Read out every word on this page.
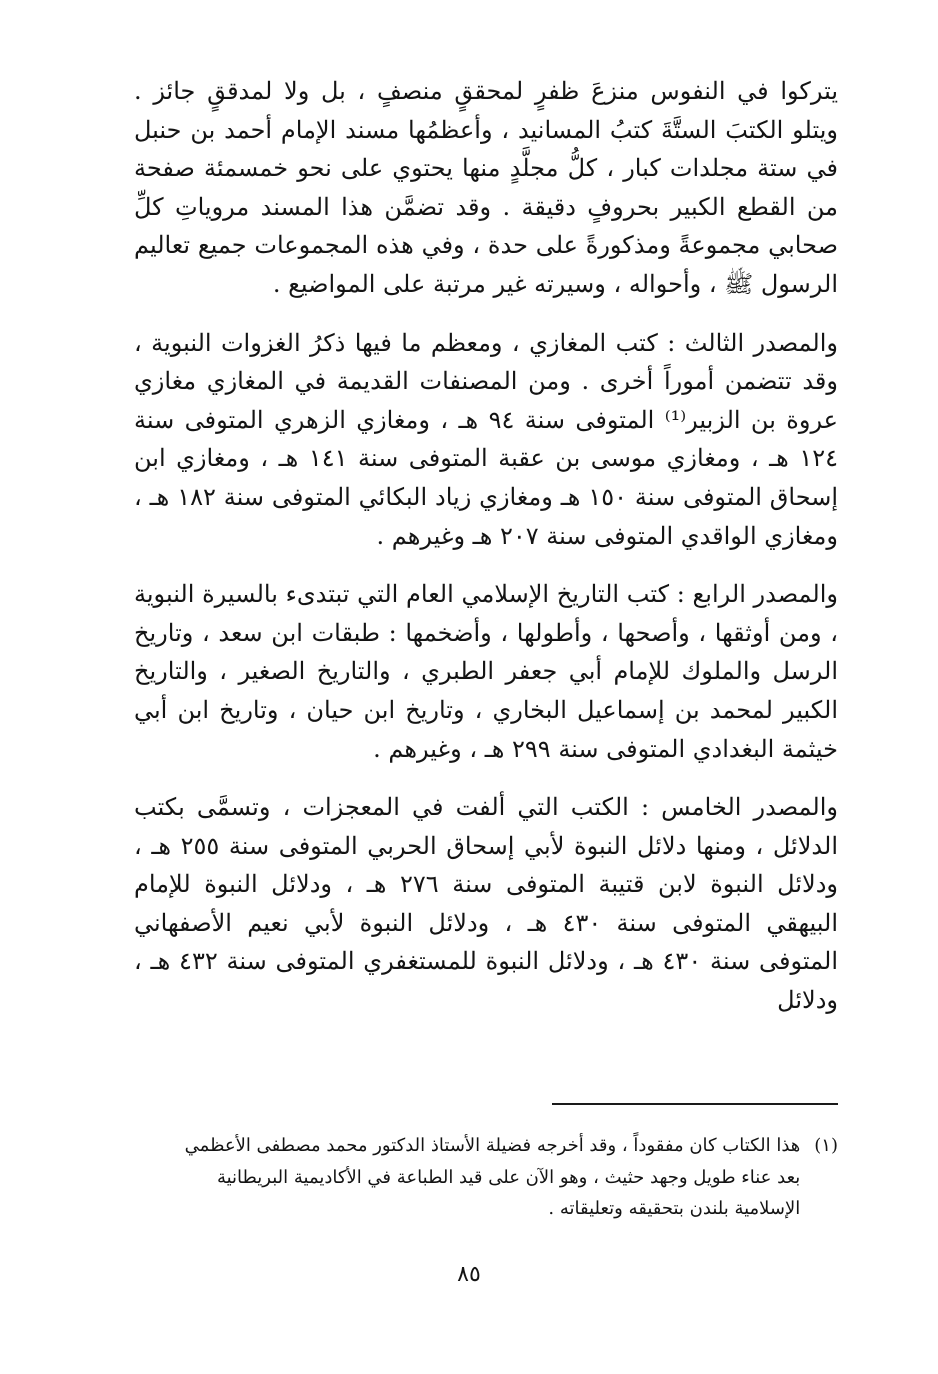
يتركوا في النفوس منزعَ ظفرٍ لمحققٍ منصفٍ ، بل ولا لمدققٍ جائز . ويتلو الكتبَ الستَّةَ كتبُ المسانيد ، وأعظمُها مسند الإمام أحمد بن حنبل في ستة مجلدات كبار ، كلُّ مجلَّدٍ منها يحتوي على نحو خمسمئة صفحة من القطع الكبير بحروفٍ دقيقة . وقد تضمَّن هذا المسند مروياتِ كلِّ صحابي مجموعةً ومذكورةً على حدة ، وفي هذه المجموعات جميع تعاليم الرسول ﷺ ، وأحواله ، وسيرته غير مرتبة على المواضيع .

والمصدر الثالث : كتب المغازي ، ومعظم ما فيها ذكرُ الغزوات النبوية ، وقد تتضمن أموراً أخرى . ومن المصنفات القديمة في المغازي مغازي عروة بن الزبير⁽¹⁾ المتوفى سنة ٩٤ هـ ، ومغازي الزهري المتوفى سنة ١٢٤ هـ ، ومغازي موسى بن عقبة المتوفى سنة ١٤١ هـ ، ومغازي ابن إسحاق المتوفى سنة ١٥٠ هـ ومغازي زياد البكائي المتوفى سنة ١٨٢ هـ ، ومغازي الواقدي المتوفى سنة ٢٠٧ هـ وغيرهم .

والمصدر الرابع : كتب التاريخ الإسلامي العام التي تبتدىء بالسيرة النبوية ، ومن أوثقها ، وأصحها ، وأطولها ، وأضخمها : طبقات ابن سعد ، وتاريخ الرسل والملوك للإمام أبي جعفر الطبري ، والتاريخ الصغير ، والتاريخ الكبير لمحمد بن إسماعيل البخاري ، وتاريخ ابن حيان ، وتاريخ ابن أبي خيثمة البغدادي المتوفى سنة ٢٩٩ هـ ، وغيرهم .

والمصدر الخامس : الكتب التي ألفت في المعجزات ، وتسمَّى بكتب الدلائل ، ومنها دلائل النبوة لأبي إسحاق الحربي المتوفى سنة ٢٥٥ هـ ، ودلائل النبوة لابن قتيبة المتوفى سنة ٢٧٦ هـ ، ودلائل النبوة للإمام البيهقي المتوفى سنة ٤٣٠ هـ ، ودلائل النبوة لأبي نعيم الأصفهاني المتوفى سنة ٤٣٠ هـ ، ودلائل النبوة للمستغفري المتوفى سنة ٤٣٢ هـ ، ودلائل

(١)
هذا الكتاب كان مفقوداً ، وقد أخرجه فضيلة الأستاذ الدكتور محمد مصطفى الأعظمي
بعد عناء طويل وجهد حثيث ، وهو الآن على قيد الطباعة في الأكاديمية البريطانية
الإسلامية بلندن بتحقيقه وتعليقاته .
٨٥
